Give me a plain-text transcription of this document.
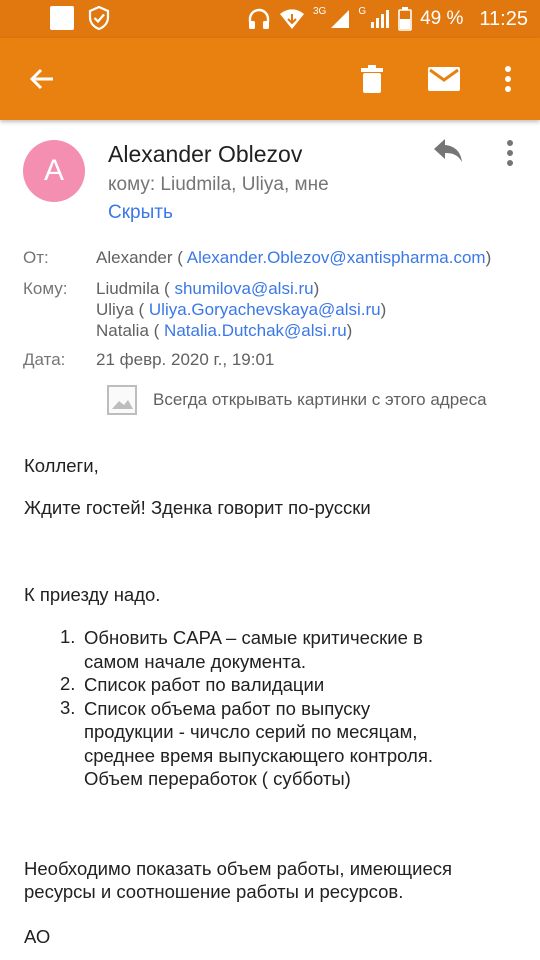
3G	G	49 % 11:25
A	Alexander Oblezov
кому: Liudmila, Uliya, мне
Скрыть
От:	Alexander ( Alexander.Oblezov@xantispharma.com)
Кому: Liudmila ( shumilova@alsi.ru)
Uliya ( Uliya.Goryachevskaya@alsi.ru)
Natalia ( Natalia.Dutchak@alsi.ru)
Дата: 21 февр. 2020 г., 19:01
Всегда открывать картинки с этого адреса
Коллеги,
Ждите гостей! Зденка говорит по-русски
К приезду надо.
1. Обновить CAPA – самые критические в
самом начале документа.
2. Список работ по валидации
3. Список объема работ по выпуску
продукции - чичсло серий по месяцам,
среднее время выпускающего контроля.
Объем переработок ( субботы)
Необходимо показать объем работы, имеющиеся
ресурсы и соотношение работы и ресурсов.
АО
